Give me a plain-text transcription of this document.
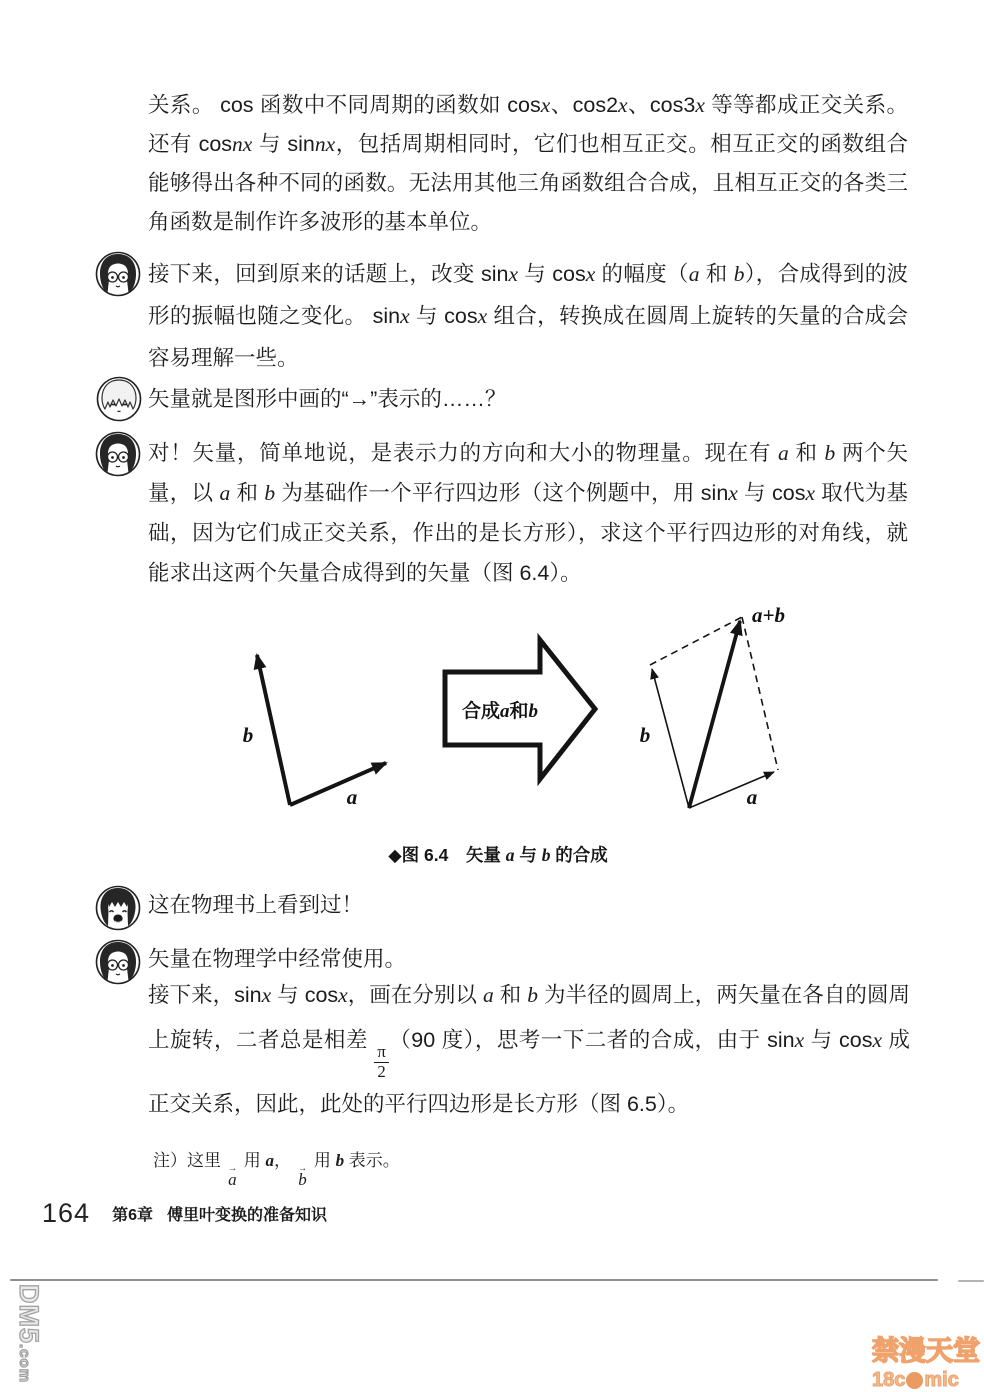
关系。 cos 函数中不同周期的函数如 cosx、cos2x、cos3x 等等都成正交关系。还有 cosnx 与 sinnx，包括周期相同时，它们也相互正交。相互正交的函数组合能够得出各种不同的函数。无法用其他三角函数组合合成，且相互正交的各类三角函数是制作许多波形的基本单位。

接下来，回到原来的话题上，改变 sinx 与 cosx 的幅度（a 和 b），合成得到的波形的振幅也随之变化。 sinx 与 cosx 组合，转换成在圆周上旋转的矢量的合成会容易理解一些。

矢量就是图形中画的“→”表示的……？

对！矢量，简单地说，是表示力的方向和大小的物理量。现在有 a 和 b 两个矢量，以 a 和 b 为基础作一个平行四边形（这个例题中，用 sinx 与 cosx 取代为基础，因为它们成正交关系，作出的是长方形），求这个平行四边形的对角线，就能求出这两个矢量合成得到的矢量（图 6.4）。

b
a
合成a和b
b
a
a+b

◆图 6.4　矢量 a 与 b 的合成

这在物理书上看到过！

矢量在物理学中经常使用。

接下来，sinx 与 cosx，画在分别以 a 和 b 为半径的圆周上，两矢量在各自的圆周上旋转，二者总是相差
$\frac{\pi}{2}$
（90 度），思考一下二者的合成，由于 sinx 与 cosx 成正交关系，因此，此处的平行四边形是长方形（图 6.5）。

注）这里 →
a
用 a， →
b
用 b 表示。

164 第6章 傅里叶变换的准备知识
DM5.com	禁漫天堂
18c mic
